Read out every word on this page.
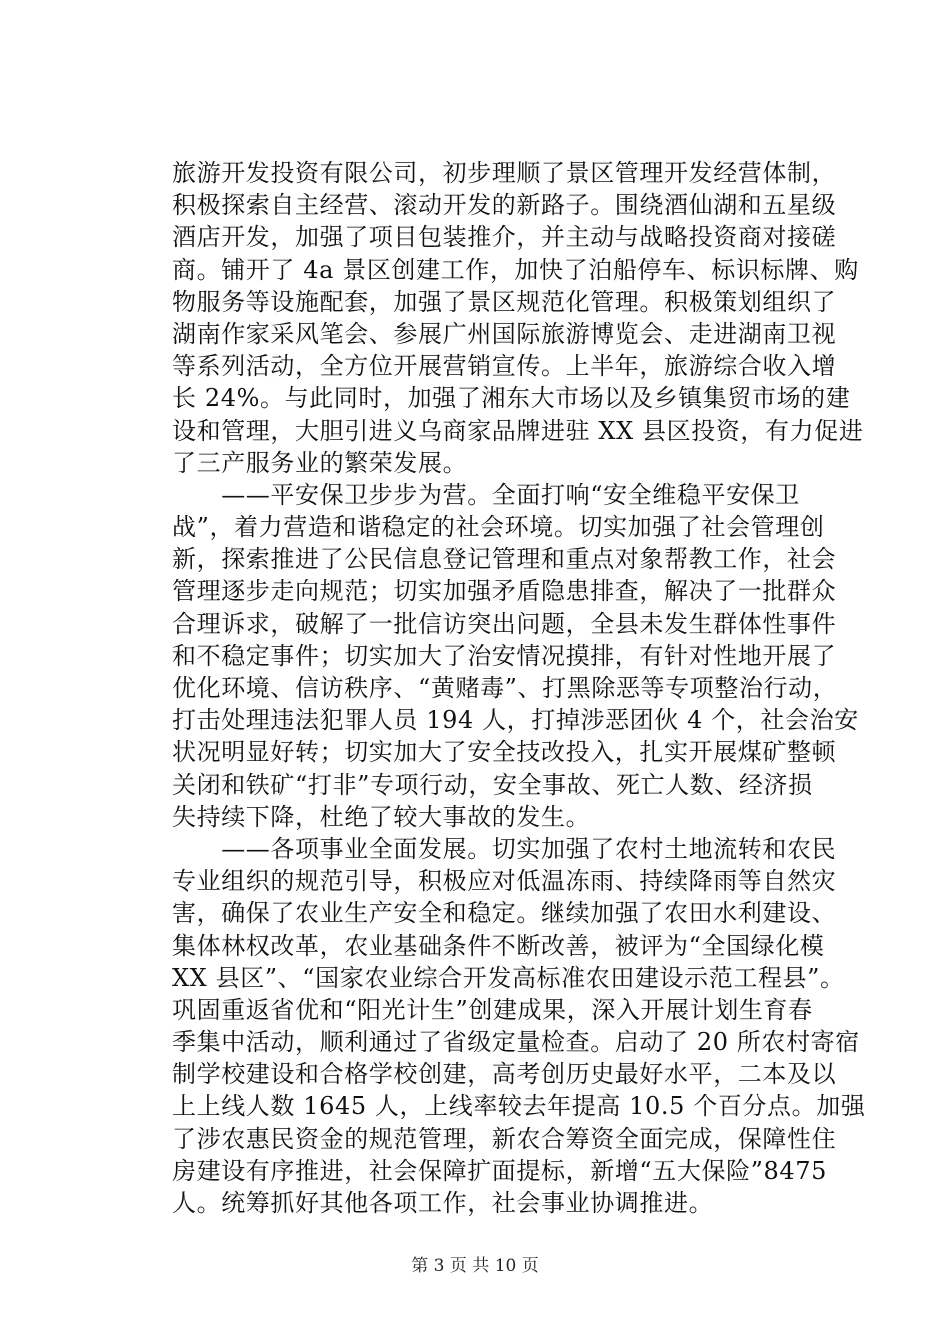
旅游开发投资有限公司，初步理顺了景区管理开发经营体制，
积极探索自主经营、滚动开发的新路子。围绕酒仙湖和五星级
酒店开发，加强了项目包装推介，并主动与战略投资商对接磋
商。铺开了 4a 景区创建工作，加快了泊船停车、标识标牌、购
物服务等设施配套，加强了景区规范化管理。积极策划组织了
湖南作家采风笔会、参展广州国际旅游博览会、走进湖南卫视
等系列活动，全方位开展营销宣传。上半年，旅游综合收入增
长 24%。与此同时，加强了湘东大市场以及乡镇集贸市场的建
设和管理，大胆引进义乌商家品牌进驻 XX 县区投资，有力促进
了三产服务业的繁荣发展。
　　——平安保卫步步为营。全面打响“安全维稳平安保卫
战”，着力营造和谐稳定的社会环境。切实加强了社会管理创
新，探索推进了公民信息登记管理和重点对象帮教工作，社会
管理逐步走向规范；切实加强矛盾隐患排查，解决了一批群众
合理诉求，破解了一批信访突出问题，全县未发生群体性事件
和不稳定事件；切实加大了治安情况摸排，有针对性地开展了
优化环境、信访秩序、“黄赌毒”、打黑除恶等专项整治行动，
打击处理违法犯罪人员 194 人，打掉涉恶团伙 4 个，社会治安
状况明显好转；切实加大了安全技改投入，扎实开展煤矿整顿
关闭和铁矿“打非”专项行动，安全事故、死亡人数、经济损
失持续下降，杜绝了较大事故的发生。
　　——各项事业全面发展。切实加强了农村土地流转和农民
专业组织的规范引导，积极应对低温冻雨、持续降雨等自然灾
害，确保了农业生产安全和稳定。继续加强了农田水利建设、
集体林权改革，农业基础条件不断改善，被评为“全国绿化模
XX 县区”、“国家农业综合开发高标准农田建设示范工程县”。
巩固重返省优和“阳光计生”创建成果，深入开展计划生育春
季集中活动，顺利通过了省级定量检查。启动了 20 所农村寄宿
制学校建设和合格学校创建，高考创历史最好水平，二本及以
上上线人数 1645 人，上线率较去年提高 10.5 个百分点。加强
了涉农惠民资金的规范管理，新农合筹资全面完成，保障性住
房建设有序推进，社会保障扩面提标，新增“五大保险”8475
人。统筹抓好其他各项工作，社会事业协调推进。
第 3 页 共 10 页
